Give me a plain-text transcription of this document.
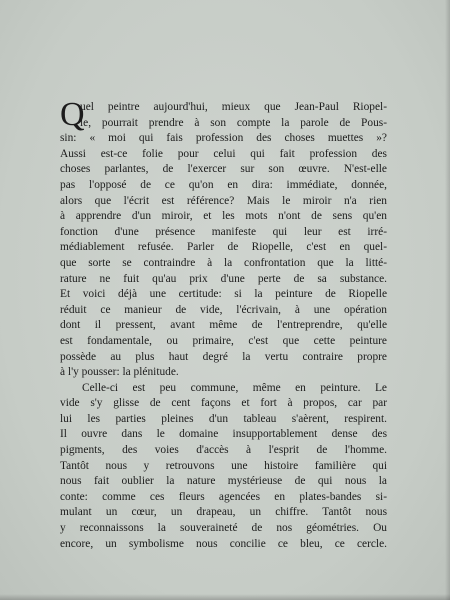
Q
uel peintre aujourd'hui, mieux que Jean-Paul Riopel-
le, pourrait prendre à son compte la parole de Pous-
sin: « moi qui fais profession des choses muettes »?
Aussi est-ce folie pour celui qui fait profession des
choses parlantes, de l'exercer sur son œuvre. N'est-elle
pas l'opposé de ce qu'on en dira: immédiate, donnée,
alors que l'écrit est référence? Mais le miroir n'a rien
à apprendre d'un miroir, et les mots n'ont de sens qu'en
fonction d'une présence manifeste qui leur est irré-
médiablement refusée. Parler de Riopelle, c'est en quel-
que sorte se contraindre à la confrontation que la litté-
rature ne fuit qu'au prix d'une perte de sa substance.
Et voici déjà une certitude: si la peinture de Riopelle
réduit ce manieur de vide, l'écrivain, à une opération
dont il pressent, avant même de l'entreprendre, qu'elle
est fondamentale, ou primaire, c'est que cette peinture
possède au plus haut degré la vertu contraire propre
à l'y pousser: la plénitude.
Celle-ci est peu commune, même en peinture. Le
vide s'y glisse de cent façons et fort à propos, car par
lui les parties pleines d'un tableau s'aèrent, respirent.
Il ouvre dans le domaine insupportablement dense des
pigments, des voies d'accès à l'esprit de l'homme.
Tantôt nous y retrouvons une histoire familière qui
nous fait oublier la nature mystérieuse de qui nous la
conte: comme ces fleurs agencées en plates-bandes si-
mulant un cœur, un drapeau, un chiffre. Tantôt nous
y reconnaissons la souveraineté de nos géométries. Ou
encore, un symbolisme nous concilie ce bleu, ce cercle.
